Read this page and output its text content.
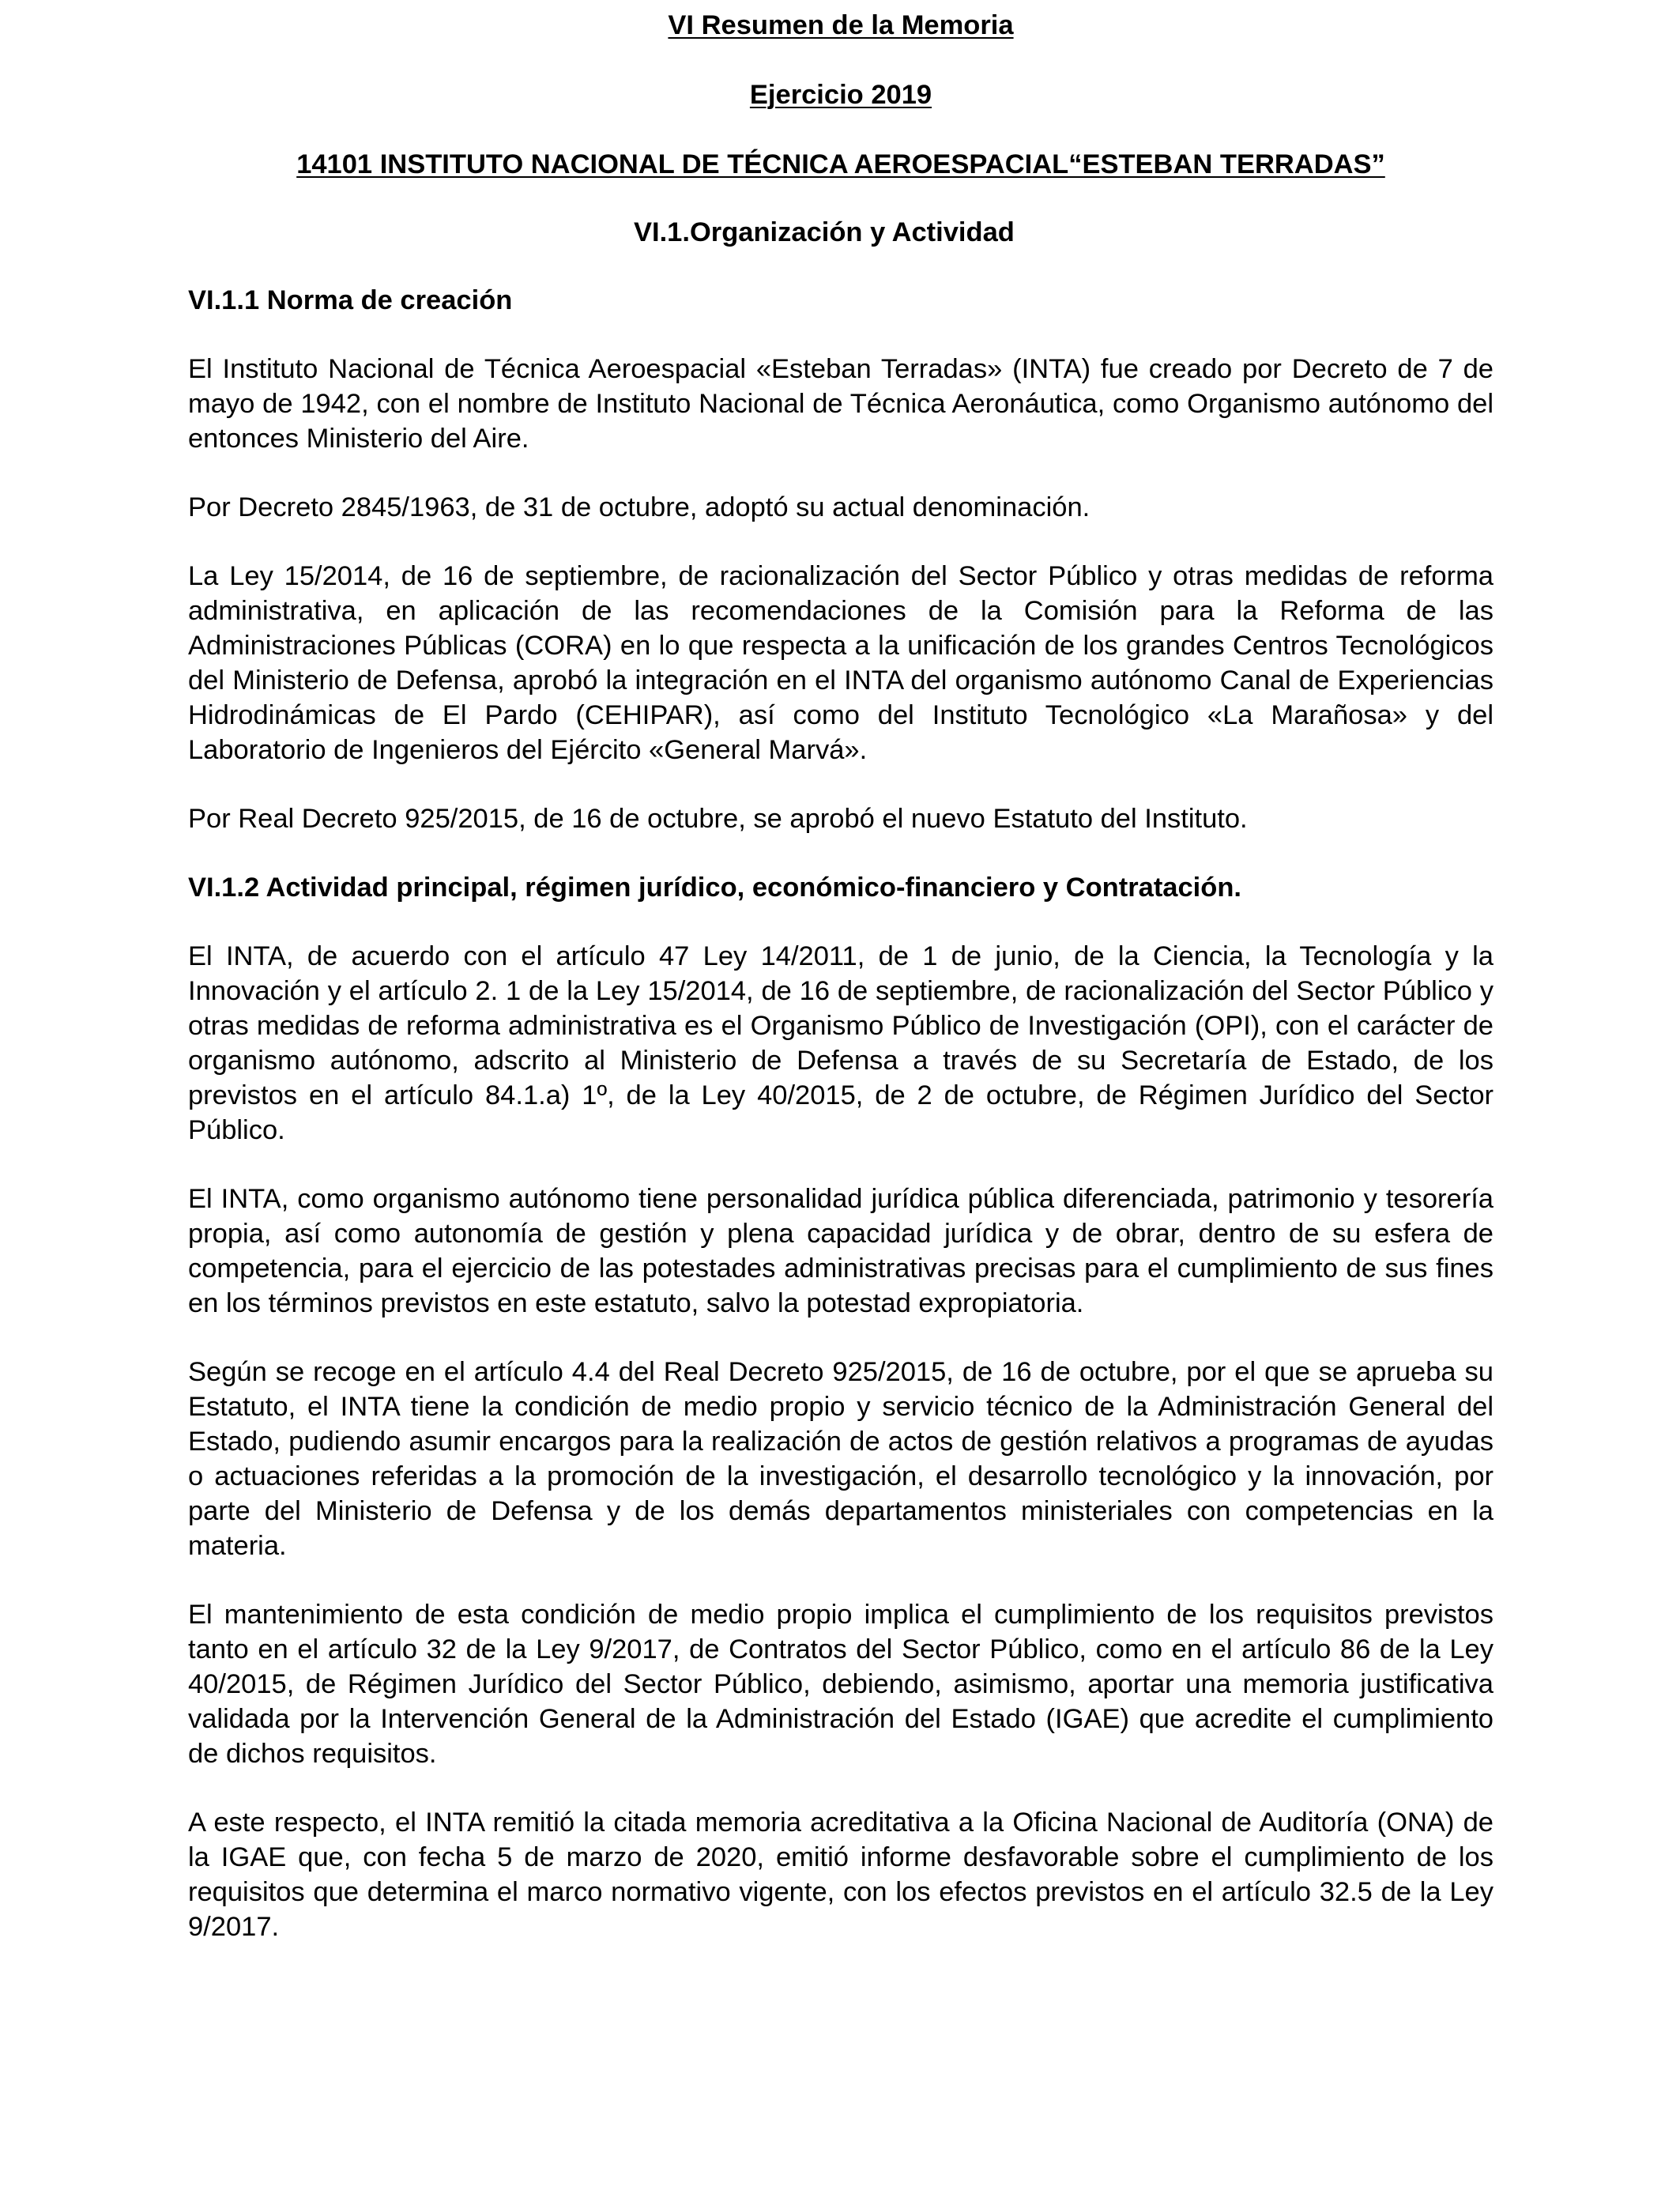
VI Resumen de la Memoria
Ejercicio 2019
14101 INSTITUTO NACIONAL DE TÉCNICA AEROESPACIAL“ESTEBAN TERRADAS”
VI.1.Organización y Actividad
VI.1.1 Norma de creación

El Instituto Nacional de Técnica Aeroespacial «Esteban Terradas» (INTA) fue creado por Decreto de 7 de mayo de 1942, con el nombre de Instituto Nacional de Técnica Aeronáutica, como Organismo autónomo del entonces Ministerio del Aire.

Por Decreto 2845/1963, de 31 de octubre, adoptó su actual denominación.

La Ley 15/2014, de 16 de septiembre, de racionalización del Sector Público y otras medidas de reforma administrativa, en aplicación de las recomendaciones de la Comisión para la Reforma de las Administraciones Públicas (CORA) en lo que respecta a la unificación de los grandes Centros Tecnológicos del Ministerio de Defensa, aprobó la integración en el INTA del organismo autónomo Canal de Experiencias Hidrodinámicas de El Pardo (CEHIPAR), así como del Instituto Tecnológico «La Marañosa» y del Laboratorio de Ingenieros del Ejército «General Marvá».

Por Real Decreto 925/2015, de 16 de octubre, se aprobó el nuevo Estatuto del Instituto.

VI.1.2 Actividad principal, régimen jurídico, económico-financiero y Contratación.

El INTA, de acuerdo con el artículo 47 Ley 14/2011, de 1 de junio, de la Ciencia, la Tecnología y la Innovación y el artículo 2. 1 de la Ley 15/2014, de 16 de septiembre, de racionalización del Sector Público y otras medidas de reforma administrativa es el Organismo Público de Investigación (OPI), con el carácter de organismo autónomo, adscrito al Ministerio de Defensa a través de su Secretaría de Estado, de los previstos en el artículo 84.1.a) 1º, de la Ley 40/2015, de 2 de octubre, de Régimen Jurídico del Sector Público.

El INTA, como organismo autónomo tiene personalidad jurídica pública diferenciada, patrimonio y tesorería propia, así como autonomía de gestión y plena capacidad jurídica y de obrar, dentro de su esfera de competencia, para el ejercicio de las potestades administrativas precisas para el cumplimiento de sus fines en los términos previstos en este estatuto, salvo la potestad expropiatoria.

Según se recoge en el artículo 4.4 del Real Decreto 925/2015, de 16 de octubre, por el que se aprueba su Estatuto, el INTA tiene la condición de medio propio y servicio técnico de la Administración General del Estado, pudiendo asumir encargos para la realización de actos de gestión relativos a programas de ayudas o actuaciones referidas a la promoción de la investigación, el desarrollo tecnológico y la innovación, por parte del Ministerio de Defensa y de los demás departamentos ministeriales con competencias en la materia.

El mantenimiento de esta condición de medio propio implica el cumplimiento de los requisitos previstos tanto en el artículo 32 de la Ley 9/2017, de Contratos del Sector Público, como en el artículo 86 de la Ley 40/2015, de Régimen Jurídico del Sector Público, debiendo, asimismo, aportar una memoria justificativa validada por la Intervención General de la Administración del Estado (IGAE) que acredite el cumplimiento de dichos requisitos.

A este respecto, el INTA remitió la citada memoria acreditativa a la Oficina Nacional de Auditoría (ONA) de la IGAE que, con fecha 5 de marzo de 2020, emitió informe desfavorable sobre el cumplimiento de los requisitos que determina el marco normativo vigente, con los efectos previstos en el artículo 32.5 de la Ley 9/2017.
